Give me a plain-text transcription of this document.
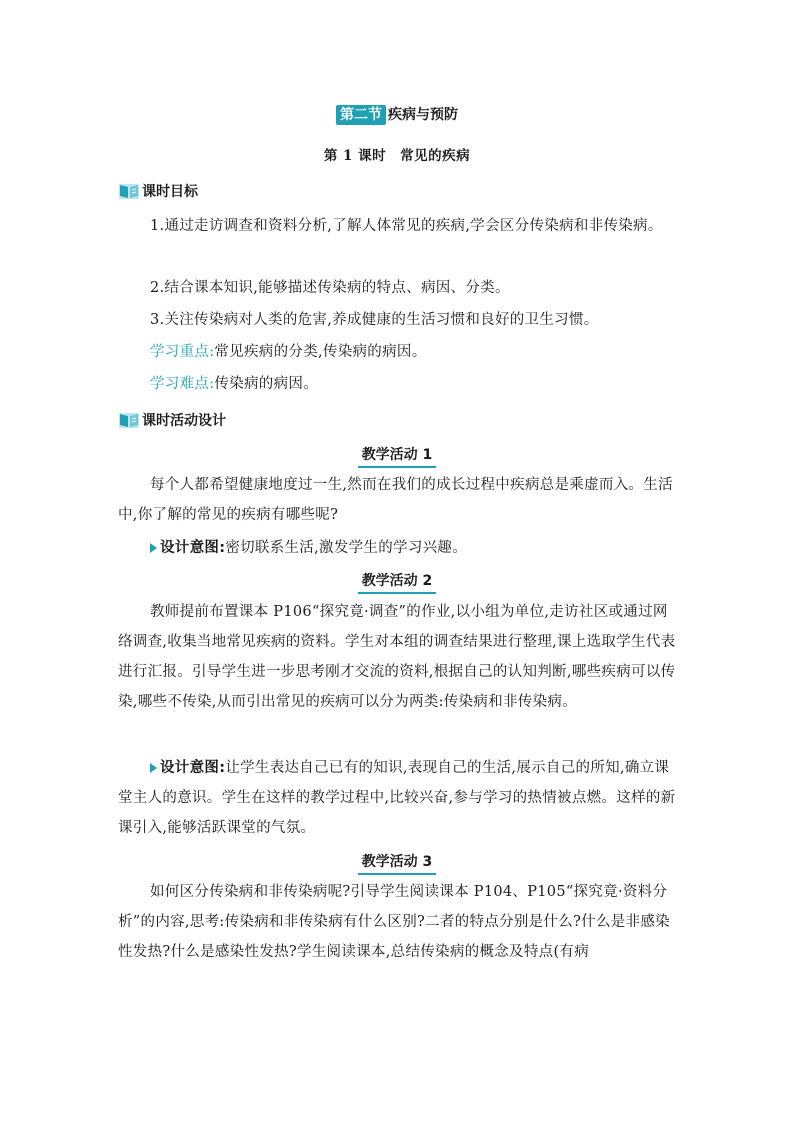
第二节 疾病与预防
第 1 课时　常见的疾病
课时目标
1.通过走访调查和资料分析,了解人体常见的疾病,学会区分传染病和非传染病。
2.结合课本知识,能够描述传染病的特点、病因、分类。
3.关注传染病对人类的危害,养成健康的生活习惯和良好的卫生习惯。
学习重点:常见疾病的分类,传染病的病因。
学习难点:传染病的病因。
课时活动设计
教学活动 1
每个人都希望健康地度过一生,然而在我们的成长过程中疾病总是乘虚而入。生活中,你了解的常见的疾病有哪些呢?
设计意图:密切联系生活,激发学生的学习兴趣。
教学活动 2
教师提前布置课本 P106“探究竟·调查”的作业,以小组为单位,走访社区或通过网络调查,收集当地常见疾病的资料。学生对本组的调查结果进行整理,课上选取学生代表进行汇报。引导学生进一步思考刚才交流的资料,根据自己的认知判断,哪些疾病可以传染,哪些不传染,从而引出常见的疾病可以分为两类:传染病和非传染病。
设计意图:让学生表达自己已有的知识,表现自己的生活,展示自己的所知,确立课堂主人的意识。学生在这样的教学过程中,比较兴奋,参与学习的热情被点燃。这样的新课引入,能够活跃课堂的气氛。
教学活动 3
如何区分传染病和非传染病呢?引导学生阅读课本 P104、P105“探究竟·资料分析”的内容,思考:传染病和非传染病有什么区别?二者的特点分别是什么?什么是非感染性发热?什么是感染性发热?学生阅读课本,总结传染病的概念及特点(有病
